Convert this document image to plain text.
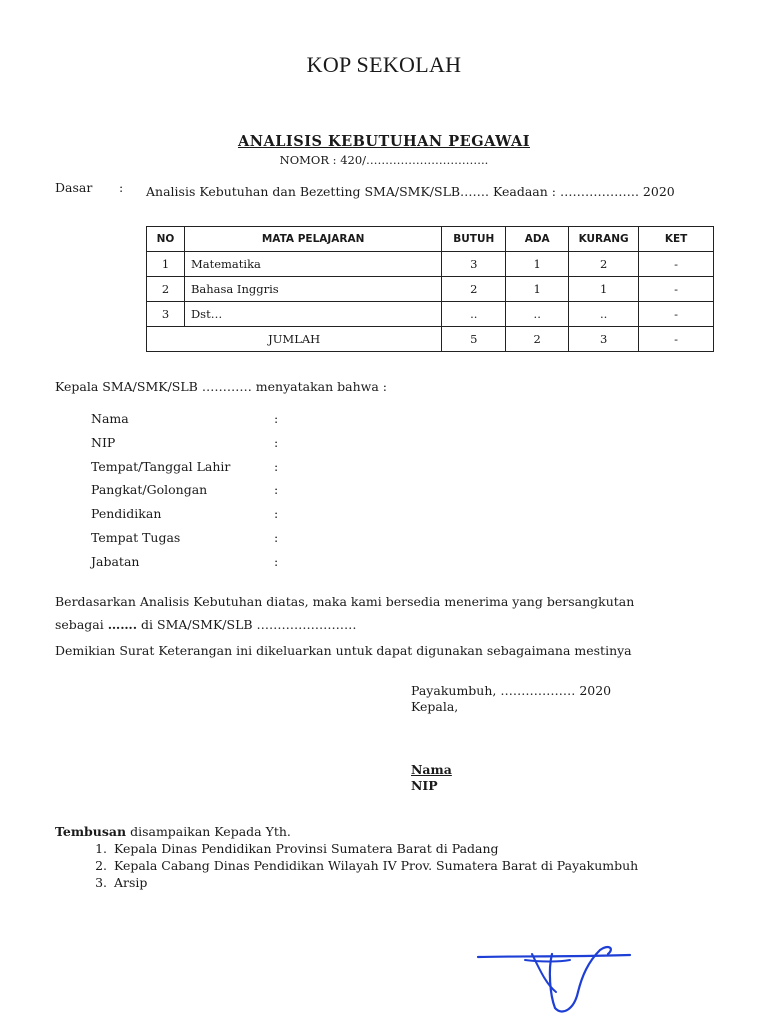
KOP SEKOLAH
ANALISIS KEBUTUHAN PEGAWAI
NOMOR : 420/…………………………..
Dasar : Analisis Kebutuhan dan Bezetting SMA/SMK/SLB……. Keadaan : ………………. 2020
NO	MATA PELAJARAN	BUTUH	ADA	KURANG	KET
1	Matematika	3	1	2	-
2	Bahasa Inggris	2	1	1	-
3	Dst…	..	..	..	-
JUMLAH		5	2	3	-
Kepala SMA/SMK/SLB ………… menyatakan bahwa :
Nama	:
NIP	:
Tempat/Tanggal Lahir	:
Pangkat/Golongan	:
Pendidikan	:
Tempat Tugas	:
Jabatan	:
Berdasarkan Analisis Kebutuhan diatas, maka kami bersedia menerima yang bersangkutan
sebagai ……. di SMA/SMK/SLB ……………………
Demikian Surat Keterangan ini dikeluarkan untuk dapat digunakan sebagaimana mestinya
Payakumbuh, ……………… 2020
Kepala,
Nama
NIP
Tembusan disampaikan Kepada Yth.
1. Kepala Dinas Pendidikan Provinsi Sumatera Barat di Padang
2. Kepala Cabang Dinas Pendidikan Wilayah IV Prov. Sumatera Barat di Payakumbuh
3. Arsip
